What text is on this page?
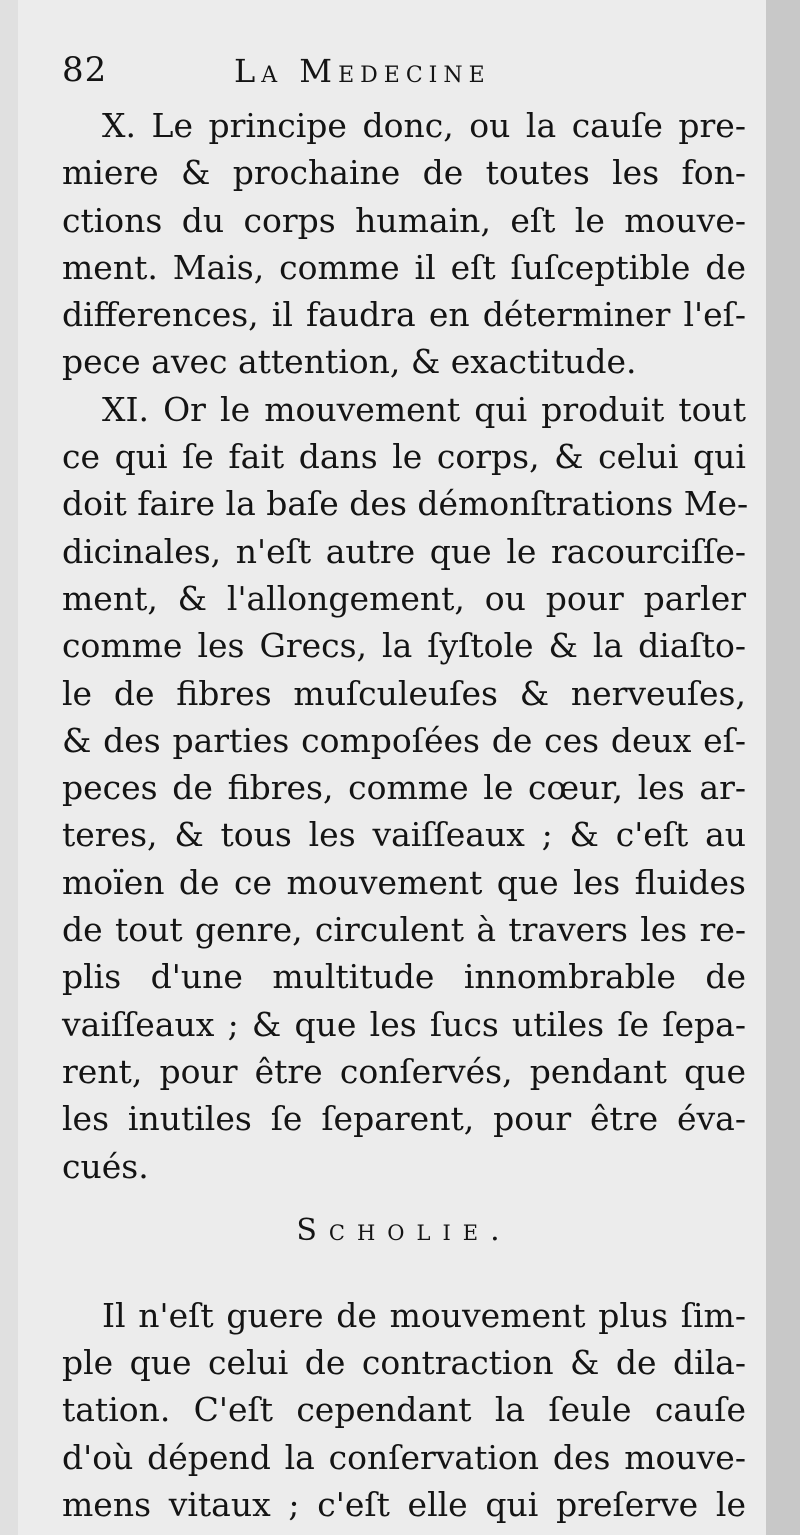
82	La Medecine
X. Le principe donc, ou la cauſe pre-
miere & prochaine de toutes les fon-
ctions du corps humain, eſt le mouve-
ment. Mais, comme il eſt ſuſceptible de
differences, il faudra en déterminer l'eſ-
pece avec attention, & exactitude.
XI. Or le mouvement qui produit tout
ce qui ſe fait dans le corps, & celui qui
doit faire la baſe des démonſtrations Me-
dicinales, n'eſt autre que le racourciſſe-
ment, & l'allongement, ou pour parler
comme les Grecs, la ſyſtole & la diaſto-
le de fibres muſculeuſes & nerveuſes,
& des parties compoſées de ces deux eſ-
peces de fibres, comme le cœur, les ar-
teres, & tous les vaiſſeaux ; & c'eſt au
moïen de ce mouvement que les fluides
de tout genre, circulent à travers les re-
plis d'une multitude innombrable de
vaiſſeaux ; & que les ſucs utiles ſe ſepa-
rent, pour être conſervés, pendant que
les inutiles ſe ſeparent, pour être éva-
cués.
Scholie.
Il n'eſt guere de mouvement plus ſim-
ple que celui de contraction & de dila-
tation. C'eſt cependant la ſeule cauſe
d'où dépend la conſervation des mouve-
mens vitaux ; c'eſt elle qui preſerve le
